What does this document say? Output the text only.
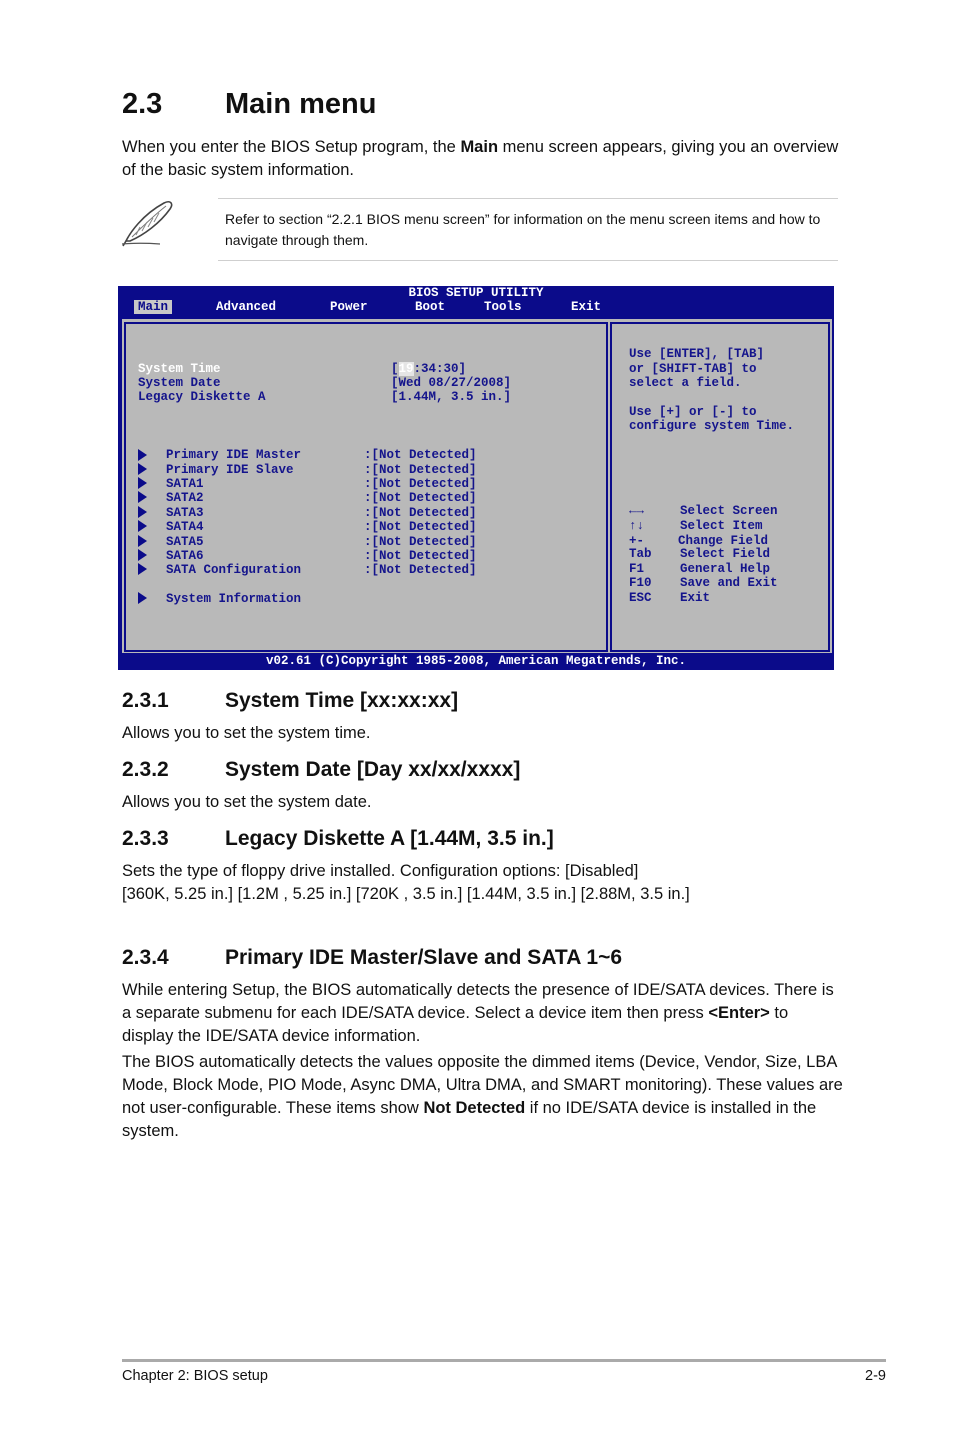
2.3 Main menu

When you enter the BIOS Setup program, the Main menu screen appears, giving you an overview of the basic system information.

Refer to section “2.2.1 BIOS menu screen” for information on the menu screen items and how to navigate through them.
BIOS SETUP UTILITY
Main	Advanced	Power	Boot	Tools	Exit
System Time	[19:34:30]
System Date	[Wed 08/27/2008]
Legacy Diskette A	[1.44M, 3.5 in.]
Primary IDE Master	:[Not Detected]
Primary IDE Slave	:[Not Detected]
SATA1	:[Not Detected]
SATA2	:[Not Detected]
SATA3	:[Not Detected]
SATA4	:[Not Detected]
SATA5	:[Not Detected]
SATA6	:[Not Detected]
SATA Configuration	:[Not Detected]
System Information
Use [ENTER], [TAB]
or [SHIFT-TAB] to
select a field.
Use [+] or [-] to
configure system Time.
←→	Select Screen
↑↓	Select Item
+-	Change Field
Tab Select Field
F1	General Help
F10 Save and Exit
ESC Exit
v02.61 (C)Copyright 1985-2008, American Megatrends, Inc.
2.3.1	System Time [xx:xx:xx]

Allows you to set the system time.

2.3.2	System Date [Day xx/xx/xxxx]

Allows you to set the system date.

2.3.3	Legacy Diskette A [1.44M, 3.5 in.]

Sets the type of floppy drive installed. Configuration options: [Disabled]

[360K, 5.25 in.] [1.2M , 5.25 in.] [720K , 3.5 in.] [1.44M, 3.5 in.] [2.88M, 3.5 in.]

2.3.4	Primary IDE Master/Slave and SATA 1~6

While entering Setup, the BIOS automatically detects the presence of IDE/SATA devices. There is a separate submenu for each IDE/SATA device. Select a device item then press <Enter> to display the IDE/SATA device information.

The BIOS automatically detects the values opposite the dimmed items (Device, Vendor, Size, LBA Mode, Block Mode, PIO Mode, Async DMA, Ultra DMA, and SMART monitoring). These values are not user-configurable. These items show Not Detected if no IDE/SATA device is installed in the system.

Chapter 2: BIOS setup	2-9
